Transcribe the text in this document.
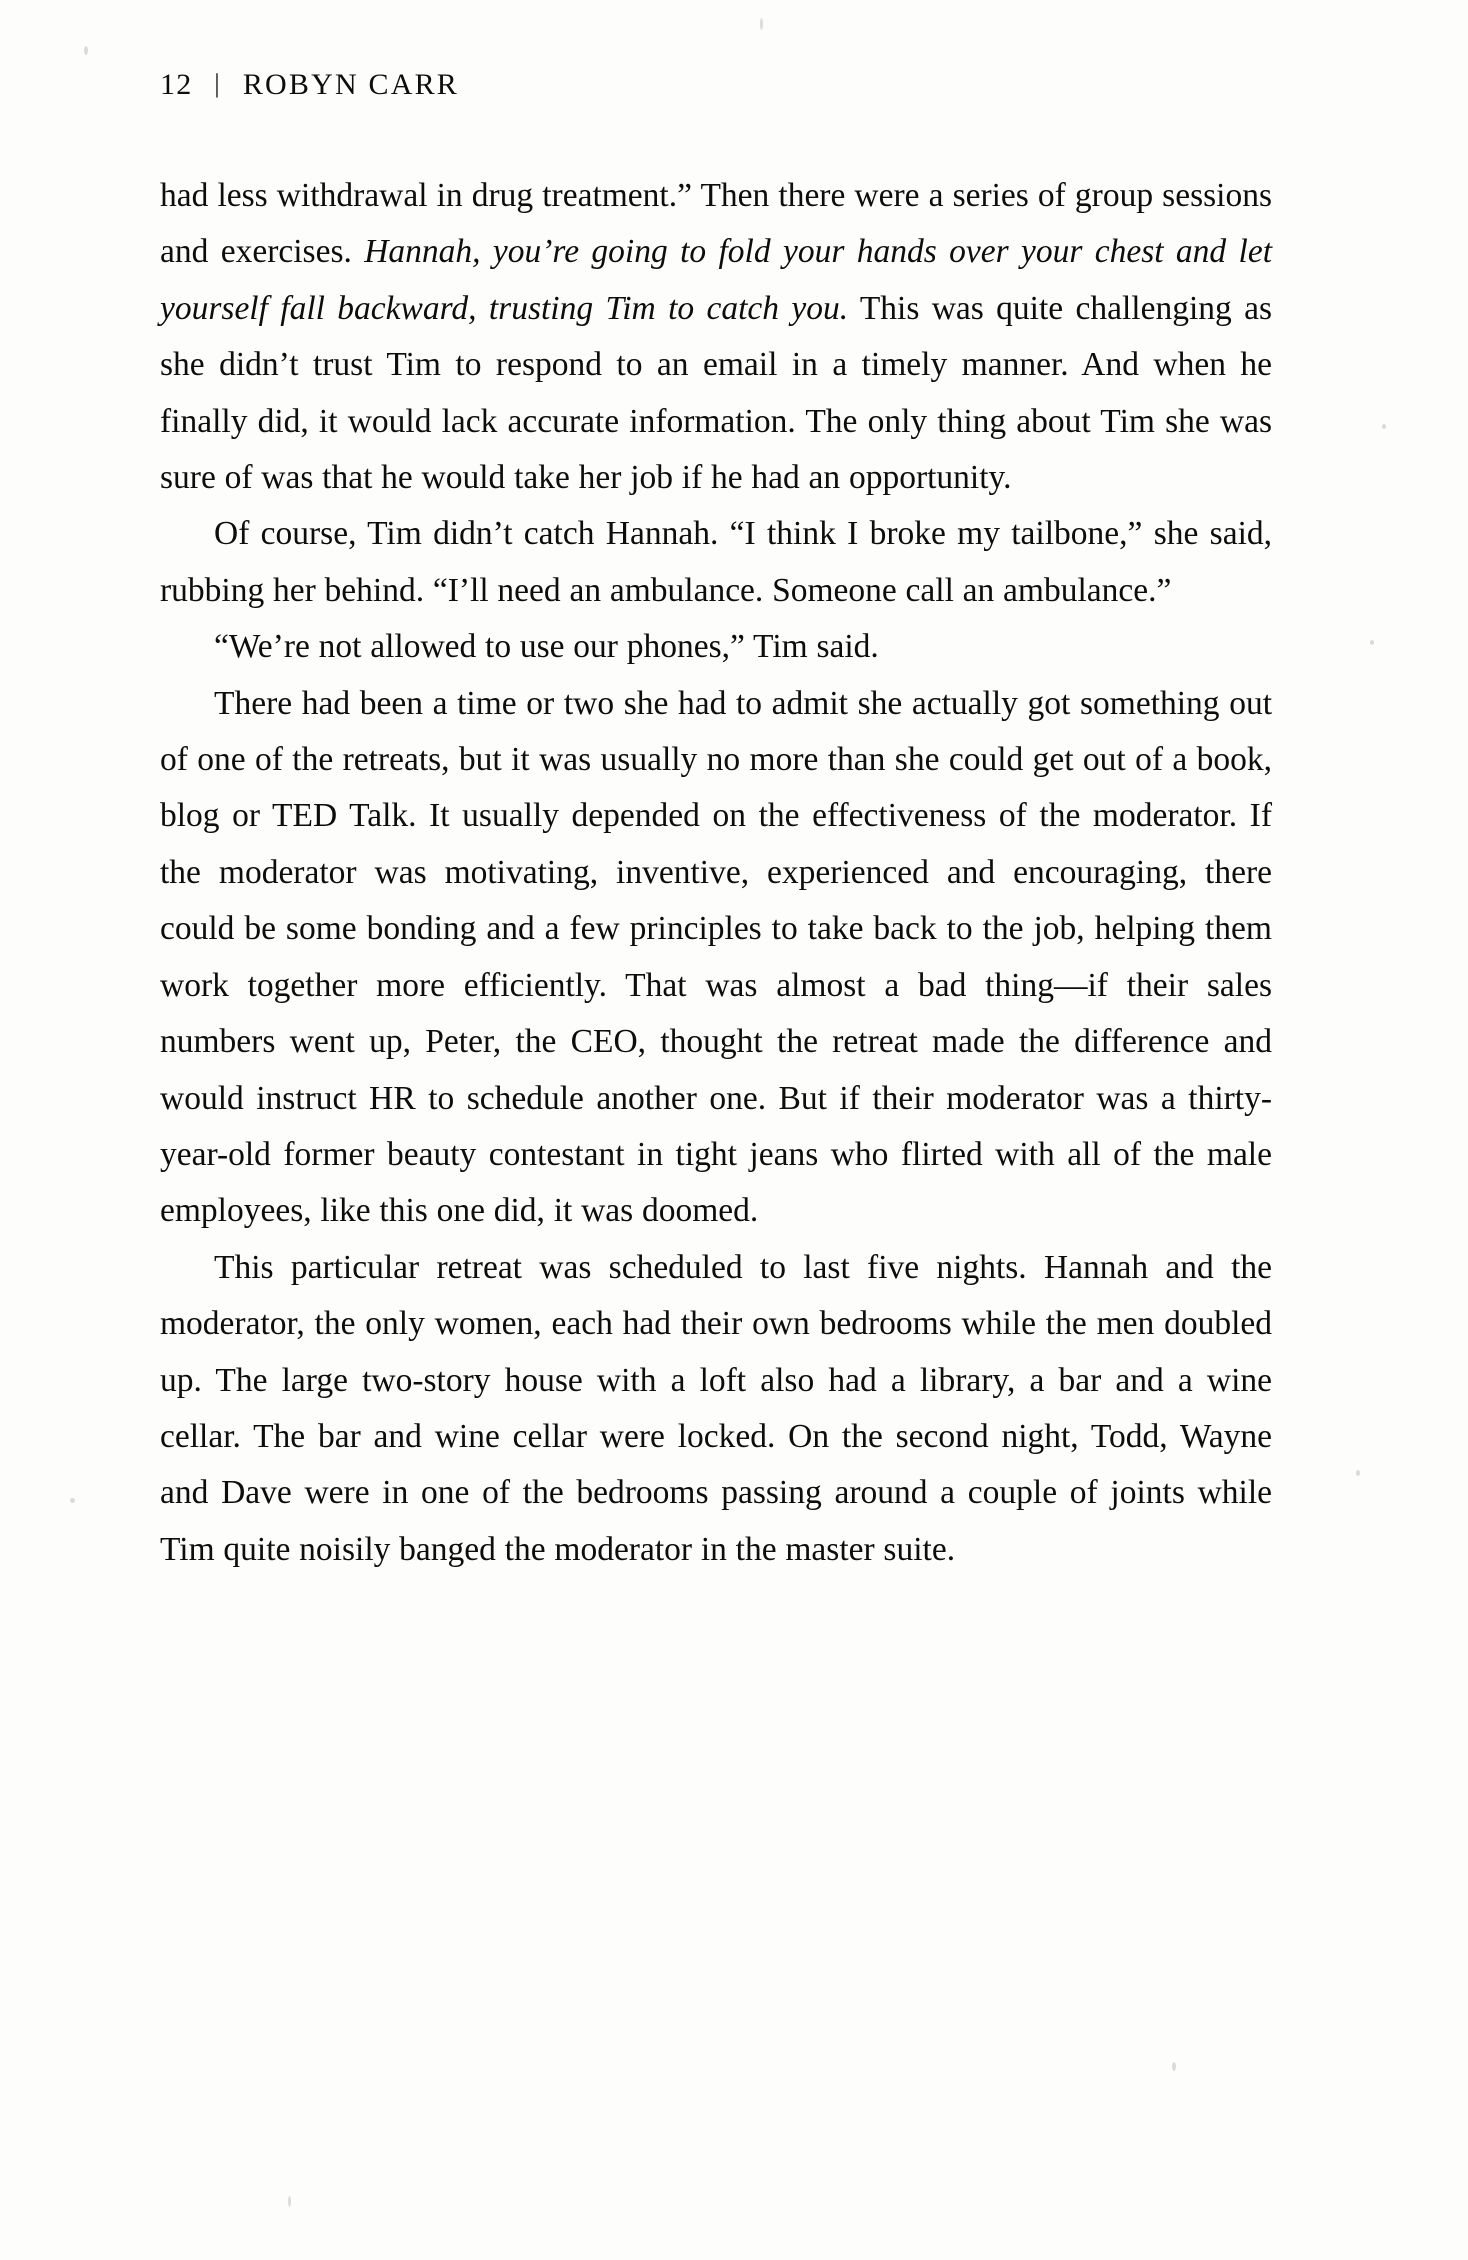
12 | ROBYN CARR

had less withdrawal in drug treatment.” Then there were a series of group sessions and exercises. Hannah, you’re going to fold your hands over your chest and let yourself fall backward, trusting Tim to catch you. This was quite challenging as she didn’t trust Tim to respond to an email in a timely manner. And when he finally did, it would lack accurate information. The only thing about Tim she was sure of was that he would take her job if he had an opportunity.

Of course, Tim didn’t catch Hannah. “I think I broke my tailbone,” she said, rubbing her behind. “I’ll need an ambulance. Someone call an ambulance.”

“We’re not allowed to use our phones,” Tim said.

There had been a time or two she had to admit she actually got something out of one of the retreats, but it was usually no more than she could get out of a book, blog or TED Talk. It usually depended on the effectiveness of the moderator. If the moderator was motivating, inventive, experienced and encouraging, there could be some bonding and a few principles to take back to the job, helping them work together more efficiently. That was almost a bad thing—if their sales numbers went up, Peter, the CEO, thought the retreat made the difference and would instruct HR to schedule another one. But if their moderator was a thirty-year-old former beauty contestant in tight jeans who flirted with all of the male employees, like this one did, it was doomed.

This particular retreat was scheduled to last five nights. Hannah and the moderator, the only women, each had their own bedrooms while the men doubled up. The large two-story house with a loft also had a library, a bar and a wine cellar. The bar and wine cellar were locked. On the second night, Todd, Wayne and Dave were in one of the bedrooms passing around a couple of joints while Tim quite noisily banged the moderator in the master suite.
